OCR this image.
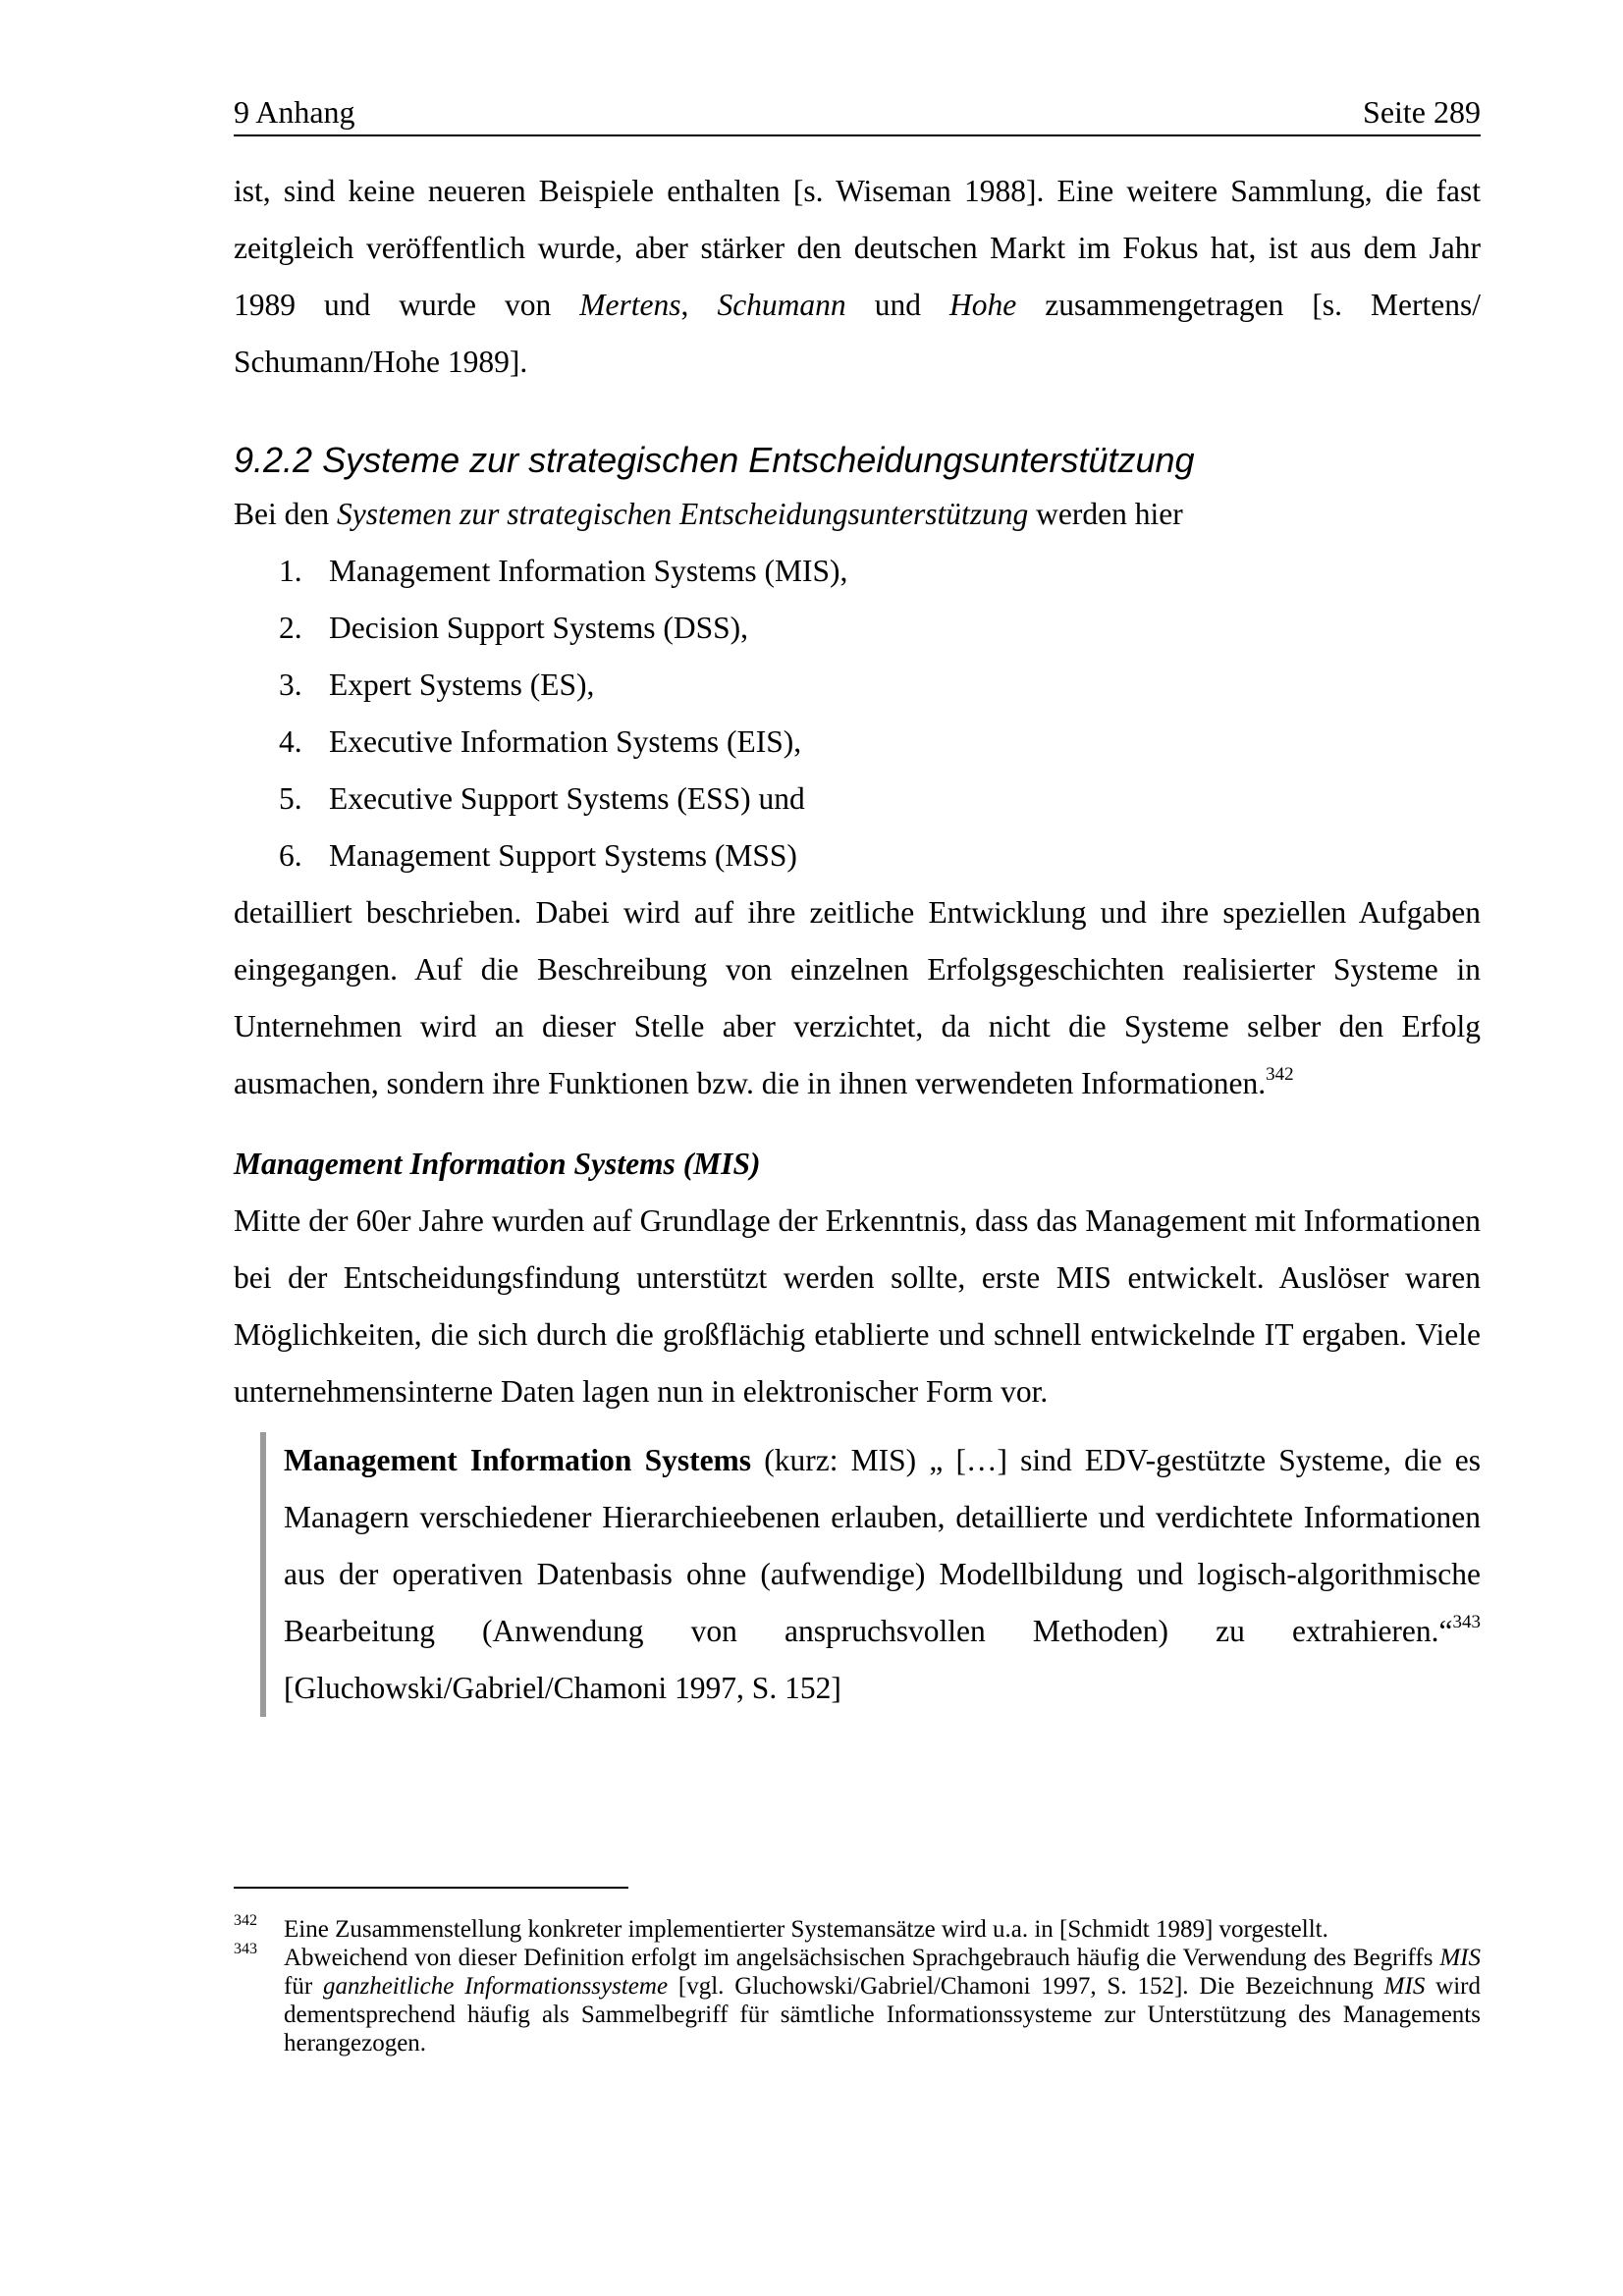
9 Anhang	Seite 289

ist, sind keine neueren Beispiele enthalten [s. Wiseman 1988]. Eine weitere Sammlung, die fast zeitgleich veröffentlich wurde, aber stärker den deutschen Markt im Fokus hat, ist aus dem Jahr 1989 und wurde von Mertens, Schumann und Hohe zusammengetragen [s. Mertens/ Schumann/Hohe 1989].

9.2.2 Systeme zur strategischen Entscheidungsunterstützung

Bei den Systemen zur strategischen Entscheidungsunterstützung werden hier

1. Management Information Systems (MIS),
2. Decision Support Systems (DSS),
3. Expert Systems (ES),
4. Executive Information Systems (EIS),
5. Executive Support Systems (ESS) und
6. Management Support Systems (MSS)

detailliert beschrieben. Dabei wird auf ihre zeitliche Entwicklung und ihre speziellen Aufgaben eingegangen. Auf die Beschreibung von einzelnen Erfolgsgeschichten realisierter Systeme in Unternehmen wird an dieser Stelle aber verzichtet, da nicht die Systeme selber den Erfolg ausmachen, sondern ihre Funktionen bzw. die in ihnen verwendeten Informationen.$^{342}$

Management Information Systems (MIS)

Mitte der 60er Jahre wurden auf Grundlage der Erkenntnis, dass das Management mit Informationen bei der Entscheidungsfindung unterstützt werden sollte, erste MIS entwickelt. Auslöser waren Möglichkeiten, die sich durch die großflächig etablierte und schnell entwickelnde IT ergaben. Viele unternehmensinterne Daten lagen nun in elektronischer Form vor.

Management Information Systems (kurz: MIS) „ […] sind EDV-gestützte Systeme, die es Managern verschiedener Hierarchieebenen erlauben, detaillierte und verdichtete Informationen aus der operativen Datenbasis ohne (aufwendige) Modellbildung und logisch-algorithmische Bearbeitung (Anwendung von anspruchsvollen Methoden) zu extrahieren.“$^{343}$ [Gluchowski/Gabriel/Chamoni 1997, S. 152]

342	Eine Zusammenstellung konkreter implementierter Systemansätze wird u.a. in [Schmidt 1989] vorgestellt.
343	Abweichend von dieser Definition erfolgt im angelsächsischen Sprachgebrauch häufig die Verwendung des Begriffs MIS für ganzheitliche Informationssysteme [vgl. Gluchowski/Gabriel/Chamoni 1997, S. 152]. Die Bezeichnung MIS wird dementsprechend häufig als Sammelbegriff für sämtliche Informationssysteme zur Unterstützung des Managements herangezogen.
